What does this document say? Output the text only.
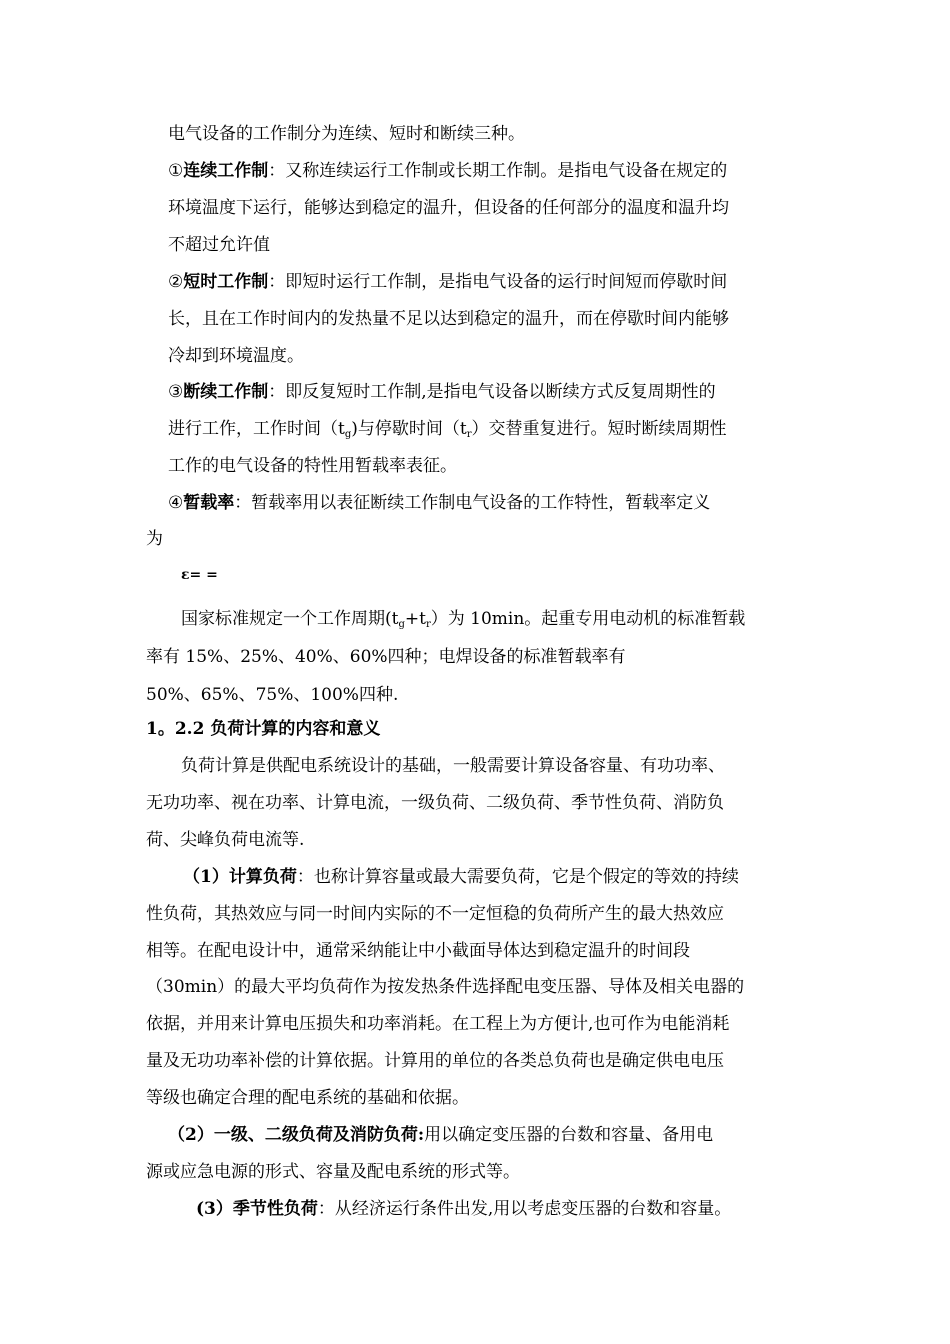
电气设备的工作制分为连续、短时和断续三种。
①连续工作制：又称连续运行工作制或长期工作制。是指电气设备在规定的
环境温度下运行，能够达到稳定的温升，但设备的任何部分的温度和温升均
不超过允许值
②短时工作制：即短时运行工作制，是指电气设备的运行时间短而停歇时间
长，且在工作时间内的发热量不足以达到稳定的温升，而在停歇时间内能够
冷却到环境温度。
③断续工作制：即反复短时工作制,是指电气设备以断续方式反复周期性的
进行工作，工作时间$(t_g)$与停歇时间$(t_r)$交替重复进行。短时断续周期性
工作的电气设备的特性用暂载率表征。
④暂载率：暂载率用以表征断续工作制电气设备的工作特性，暂载率定义
为
ε= =
国家标准规定一个工作周期$(t_g+t_r)$为 10min。起重专用电动机的标准暂载
率有 15%、25%、40%、60%四种；电焊设备的标准暂载率有
50%、65%、75%、100%四种.
1。2.2 负荷计算的内容和意义
负荷计算是供配电系统设计的基础，一般需要计算设备容量、有功功率、
无功功率、视在功率、计算电流，一级负荷、二级负荷、季节性负荷、消防负
荷、尖峰负荷电流等.
（1）计算负荷：也称计算容量或最大需要负荷，它是个假定的等效的持续
性负荷，其热效应与同一时间内实际的不一定恒稳的负荷所产生的最大热效应
相等。在配电设计中，通常采纳能让中小截面导体达到稳定温升的时间段
（30min）的最大平均负荷作为按发热条件选择配电变压器、导体及相关电器的
依据，并用来计算电压损失和功率消耗。在工程上为方便计,也可作为电能消耗
量及无功功率补偿的计算依据。计算用的单位的各类总负荷也是确定供电电压
等级也确定合理的配电系统的基础和依据。
（2）一级、二级负荷及消防负荷:用以确定变压器的台数和容量、备用电
源或应急电源的形式、容量及配电系统的形式等。
(3）季节性负荷：从经济运行条件出发,用以考虑变压器的台数和容量。
